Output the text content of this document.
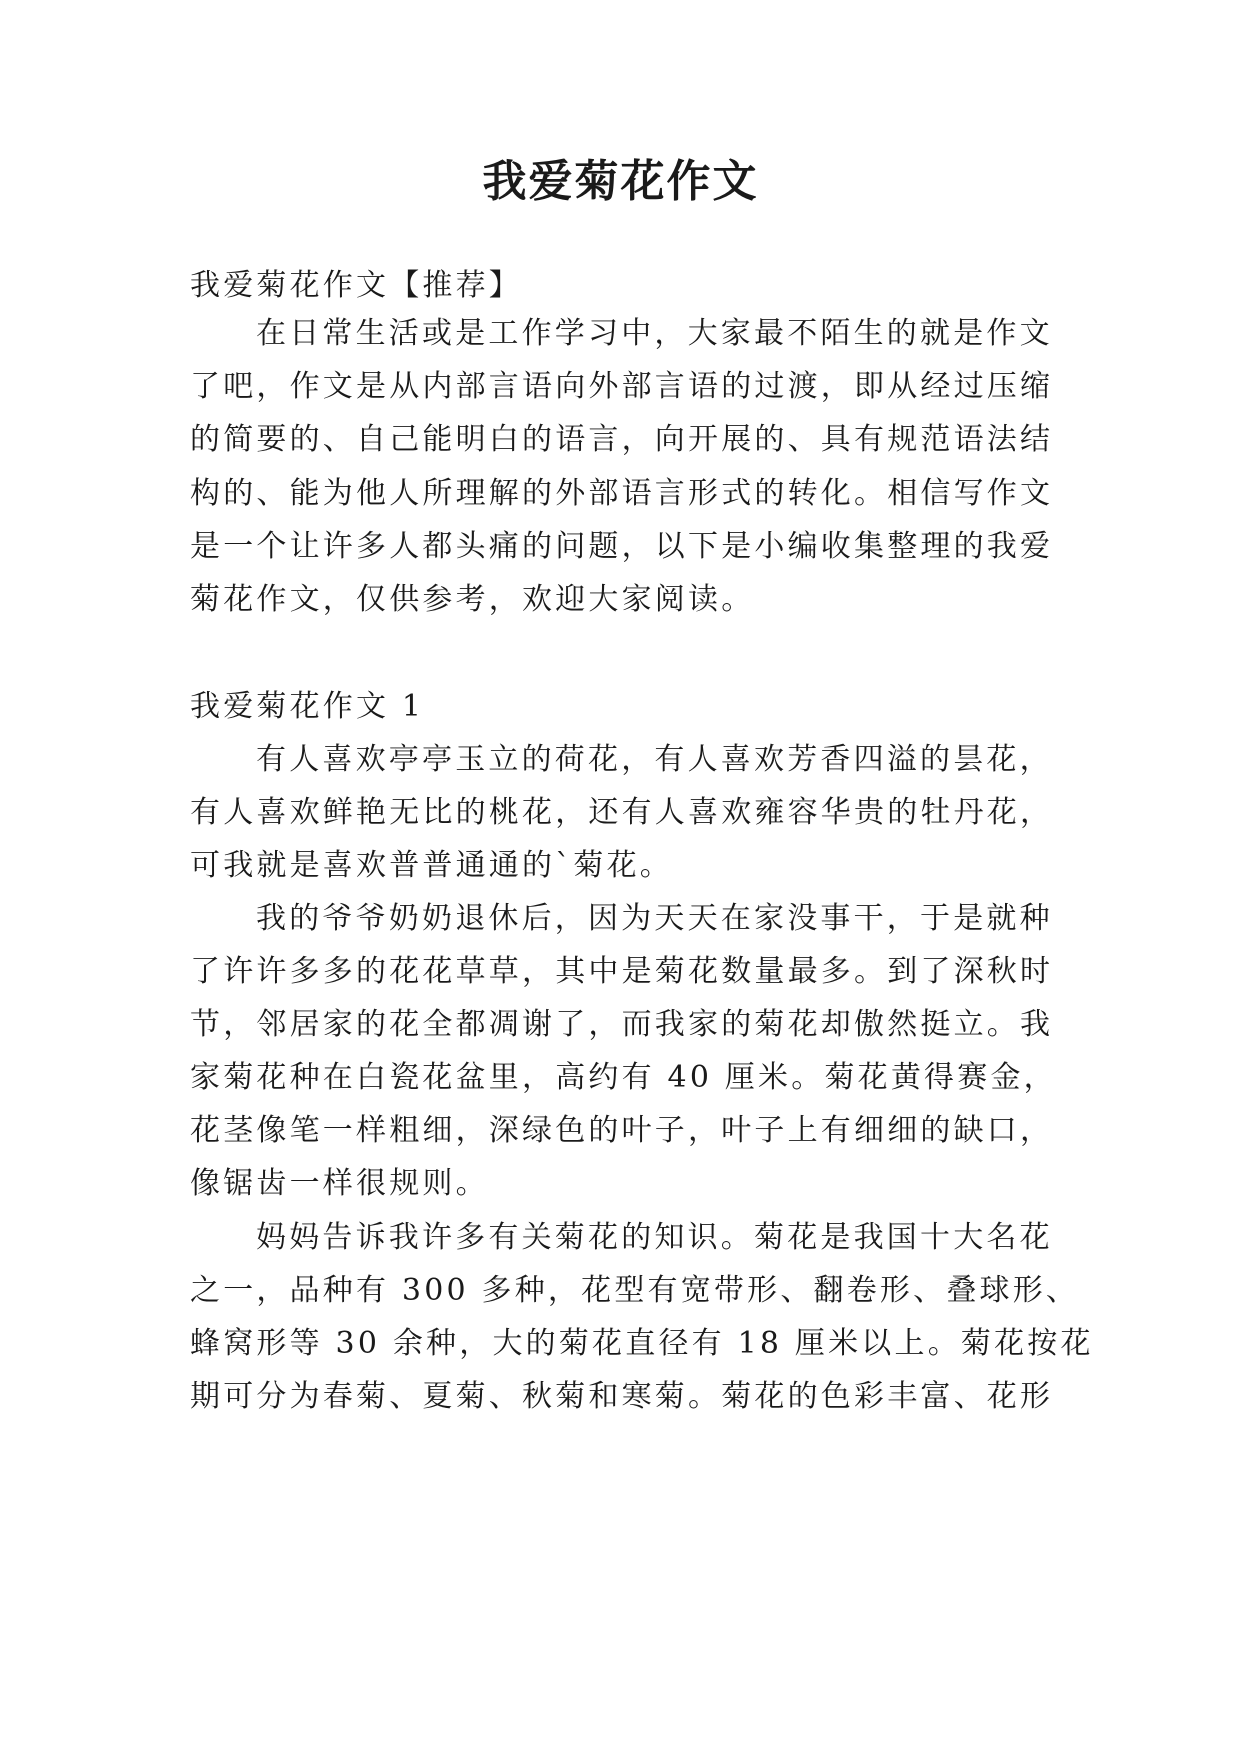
我爱菊花作文
我爱菊花作文【推荐】
在日常生活或是工作学习中，大家最不陌生的就是作文
了吧，作文是从内部言语向外部言语的过渡，即从经过压缩
的简要的、自己能明白的语言，向开展的、具有规范语法结
构的、能为他人所理解的外部语言形式的转化。相信写作文
是一个让许多人都头痛的问题，以下是小编收集整理的我爱
菊花作文，仅供参考，欢迎大家阅读。
我爱菊花作文 1
有人喜欢亭亭玉立的荷花，有人喜欢芳香四溢的昙花，
有人喜欢鲜艳无比的桃花，还有人喜欢雍容华贵的牡丹花，
可我就是喜欢普普通通的`菊花。
我的爷爷奶奶退休后，因为天天在家没事干，于是就种
了许许多多的花花草草，其中是菊花数量最多。到了深秋时
节，邻居家的花全都凋谢了，而我家的菊花却傲然挺立。我
家菊花种在白瓷花盆里，高约有 40 厘米。菊花黄得赛金，
花茎像笔一样粗细，深绿色的叶子，叶子上有细细的缺口，
像锯齿一样很规则。
妈妈告诉我许多有关菊花的知识。菊花是我国十大名花
之一，品种有 300 多种，花型有宽带形、翻卷形、叠球形、
蜂窝形等 30 余种，大的菊花直径有 18 厘米以上。菊花按花
期可分为春菊、夏菊、秋菊和寒菊。菊花的色彩丰富、花形
